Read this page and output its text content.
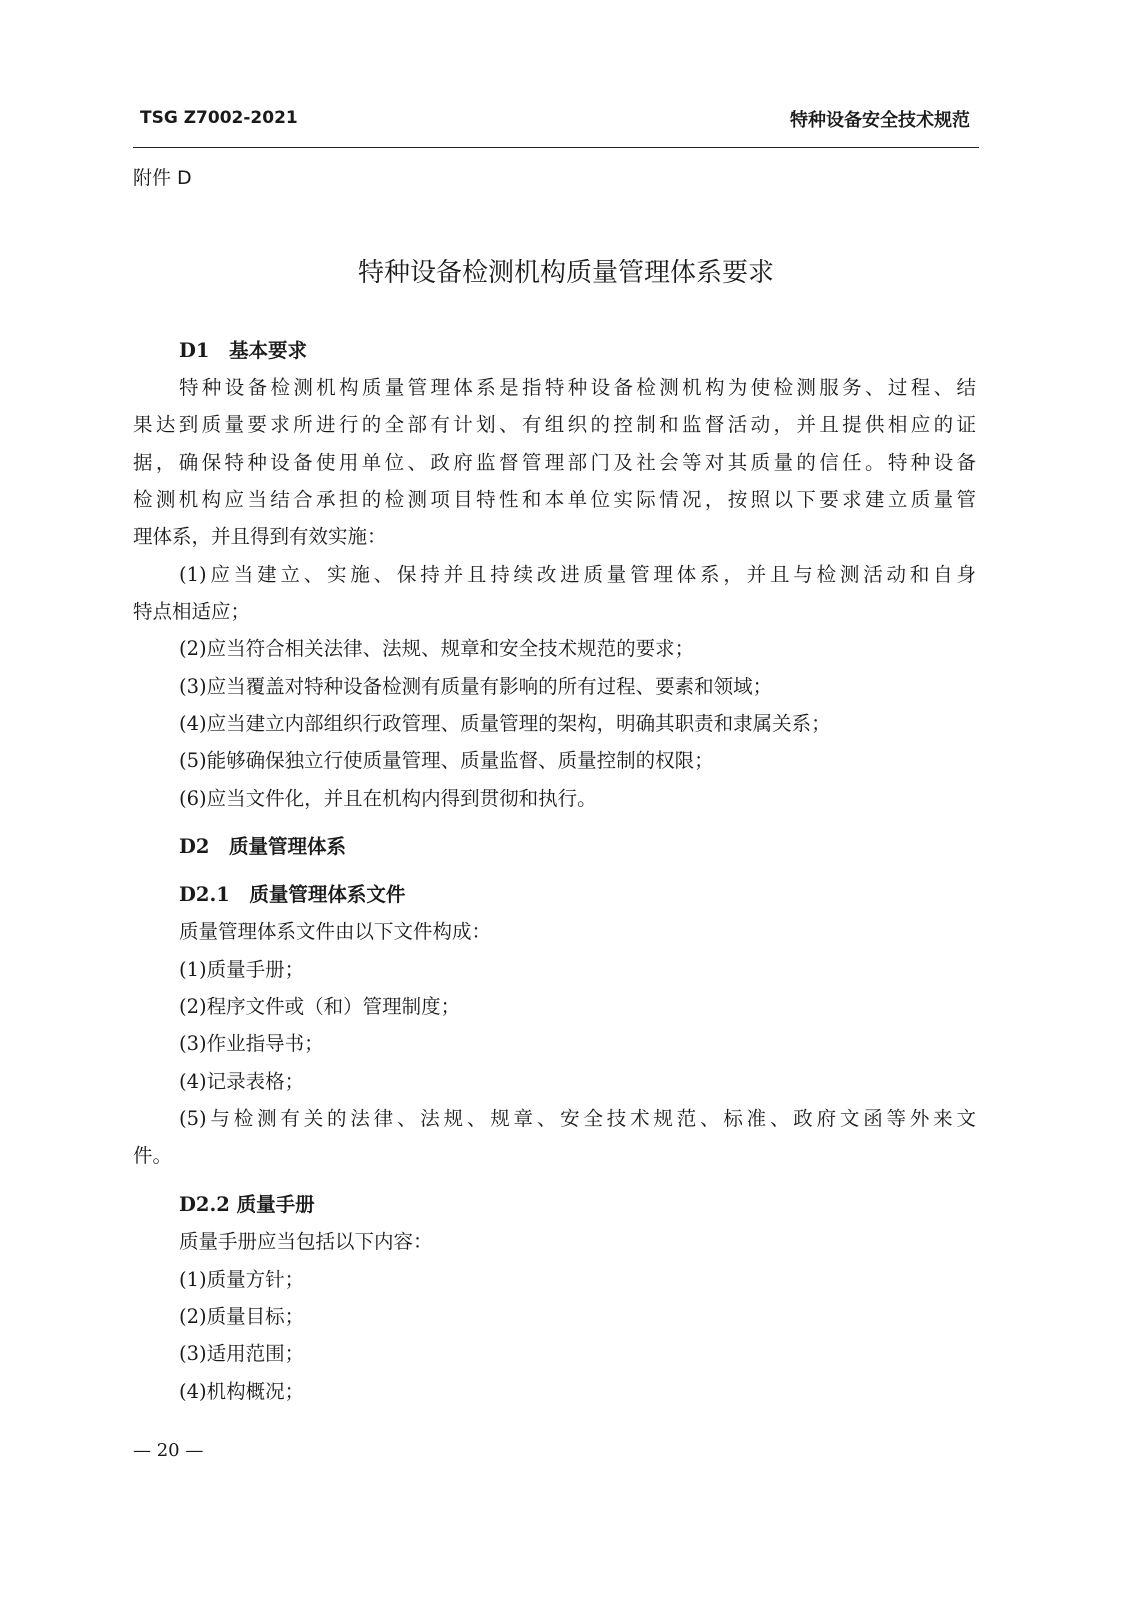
TSG Z7002-2021	特种设备安全技术规范
附件 D
特种设备检测机构质量管理体系要求
D1　基本要求
特种设备检测机构质量管理体系是指特种设备检测机构为使检测服务、过程、结
果达到质量要求所进行的全部有计划、有组织的控制和监督活动，并且提供相应的证
据，确保特种设备使用单位、政府监督管理部门及社会等对其质量的信任。特种设备
检测机构应当结合承担的检测项目特性和本单位实际情况，按照以下要求建立质量管
理体系，并且得到有效实施：
(1)应当建立、实施、保持并且持续改进质量管理体系，并且与检测活动和自身
特点相适应；
(2)应当符合相关法律、法规、规章和安全技术规范的要求；
(3)应当覆盖对特种设备检测有质量有影响的所有过程、要素和领域；
(4)应当建立内部组织行政管理、质量管理的架构，明确其职责和隶属关系；
(5)能够确保独立行使质量管理、质量监督、质量控制的权限；
(6)应当文件化，并且在机构内得到贯彻和执行。
D2　质量管理体系
D2.1　质量管理体系文件
质量管理体系文件由以下文件构成：
(1)质量手册；
(2)程序文件或（和）管理制度；
(3)作业指导书；
(4)记录表格；
(5)与检测有关的法律、法规、规章、安全技术规范、标准、政府文函等外来文
件。
D2.2 质量手册
质量手册应当包括以下内容：
(1)质量方针；
(2)质量目标；
(3)适用范围；
(4)机构概况；
— 20 —
